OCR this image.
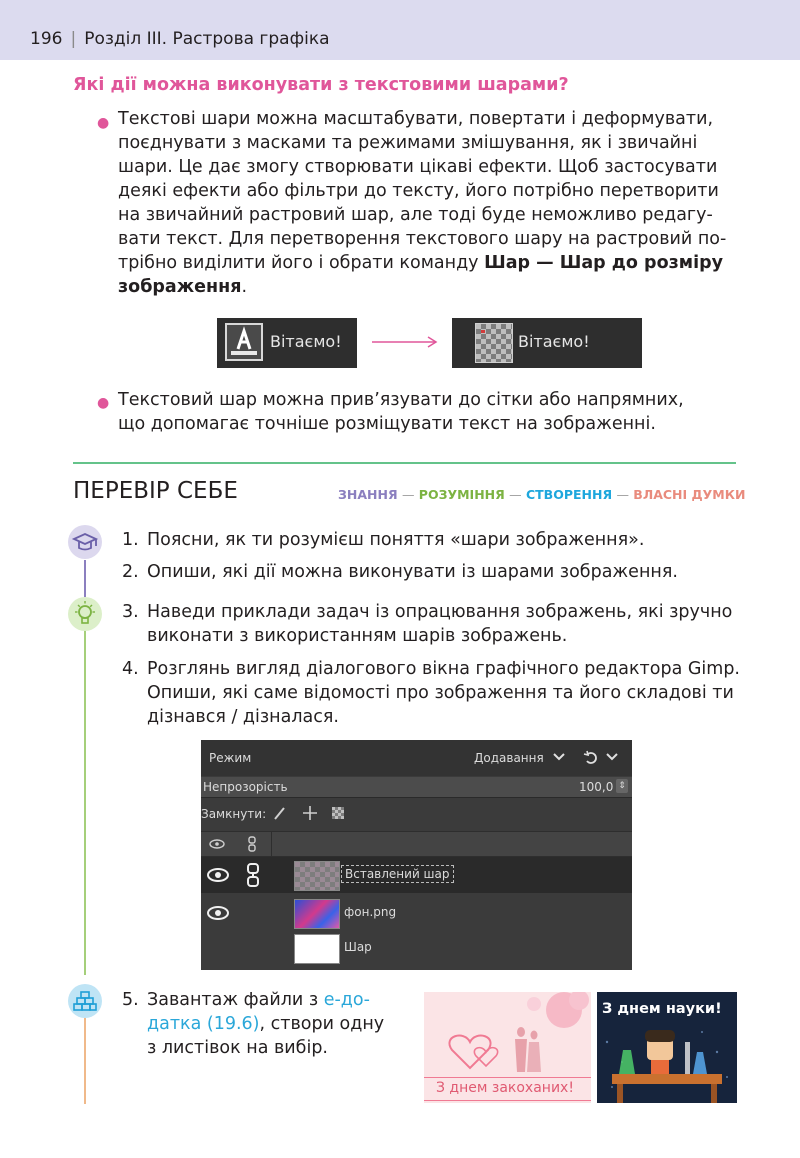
196 | Розділ ІІІ. Растрова графіка
Які дії можна виконувати з текстовими шарами?
● Текстові шари можна масштабувати, повертати і деформувати,
поєднувати з масками та режимами змішування, як і звичайні
шари. Це дає змогу створювати цікаві ефекти. Щоб застосувати
деякі ефекти або фільтри до тексту, його потрібно перетворити
на звичайний растровий шар, але тоді буде неможливо редагу-
вати текст. Для перетворення текстового шару на растровий по-
трібно виділити його і обрати команду Шар — Шар до розміру
зображення.
Вітаємо!	Вітаємо!
● Текстовий шар можна прив’язувати до сітки або напрямних,
що допомагає точніше розміщувати текст на зображенні.
ПЕРЕВІР СЕБЕ	ЗНАННЯ — РОЗУМІННЯ — СТВОРЕННЯ — ВЛАСНІ ДУМКИ
1. Поясни, як ти розумієш поняття «шари зображення».
2. Опиши, які дії можна виконувати із шарами зображення.
3. Наведи приклади задач із опрацювання зображень, які зручно
виконати з використанням шарів зображень.
4. Розглянь вигляд діалогового вікна графічного редактора Gimp.
Опиши, які саме відомості про зображення та його складові ти
дізнався / дізналася.
Режим	Додавання
Непрозорість	100,0 ⇕
Замкнути:
Вставлений шар
фон.png
Шар
5. Завантаж файли з е-до-
датка (19.6), створи одну
з листівок на вибір.
З днем закоханих!
З днем науки!
